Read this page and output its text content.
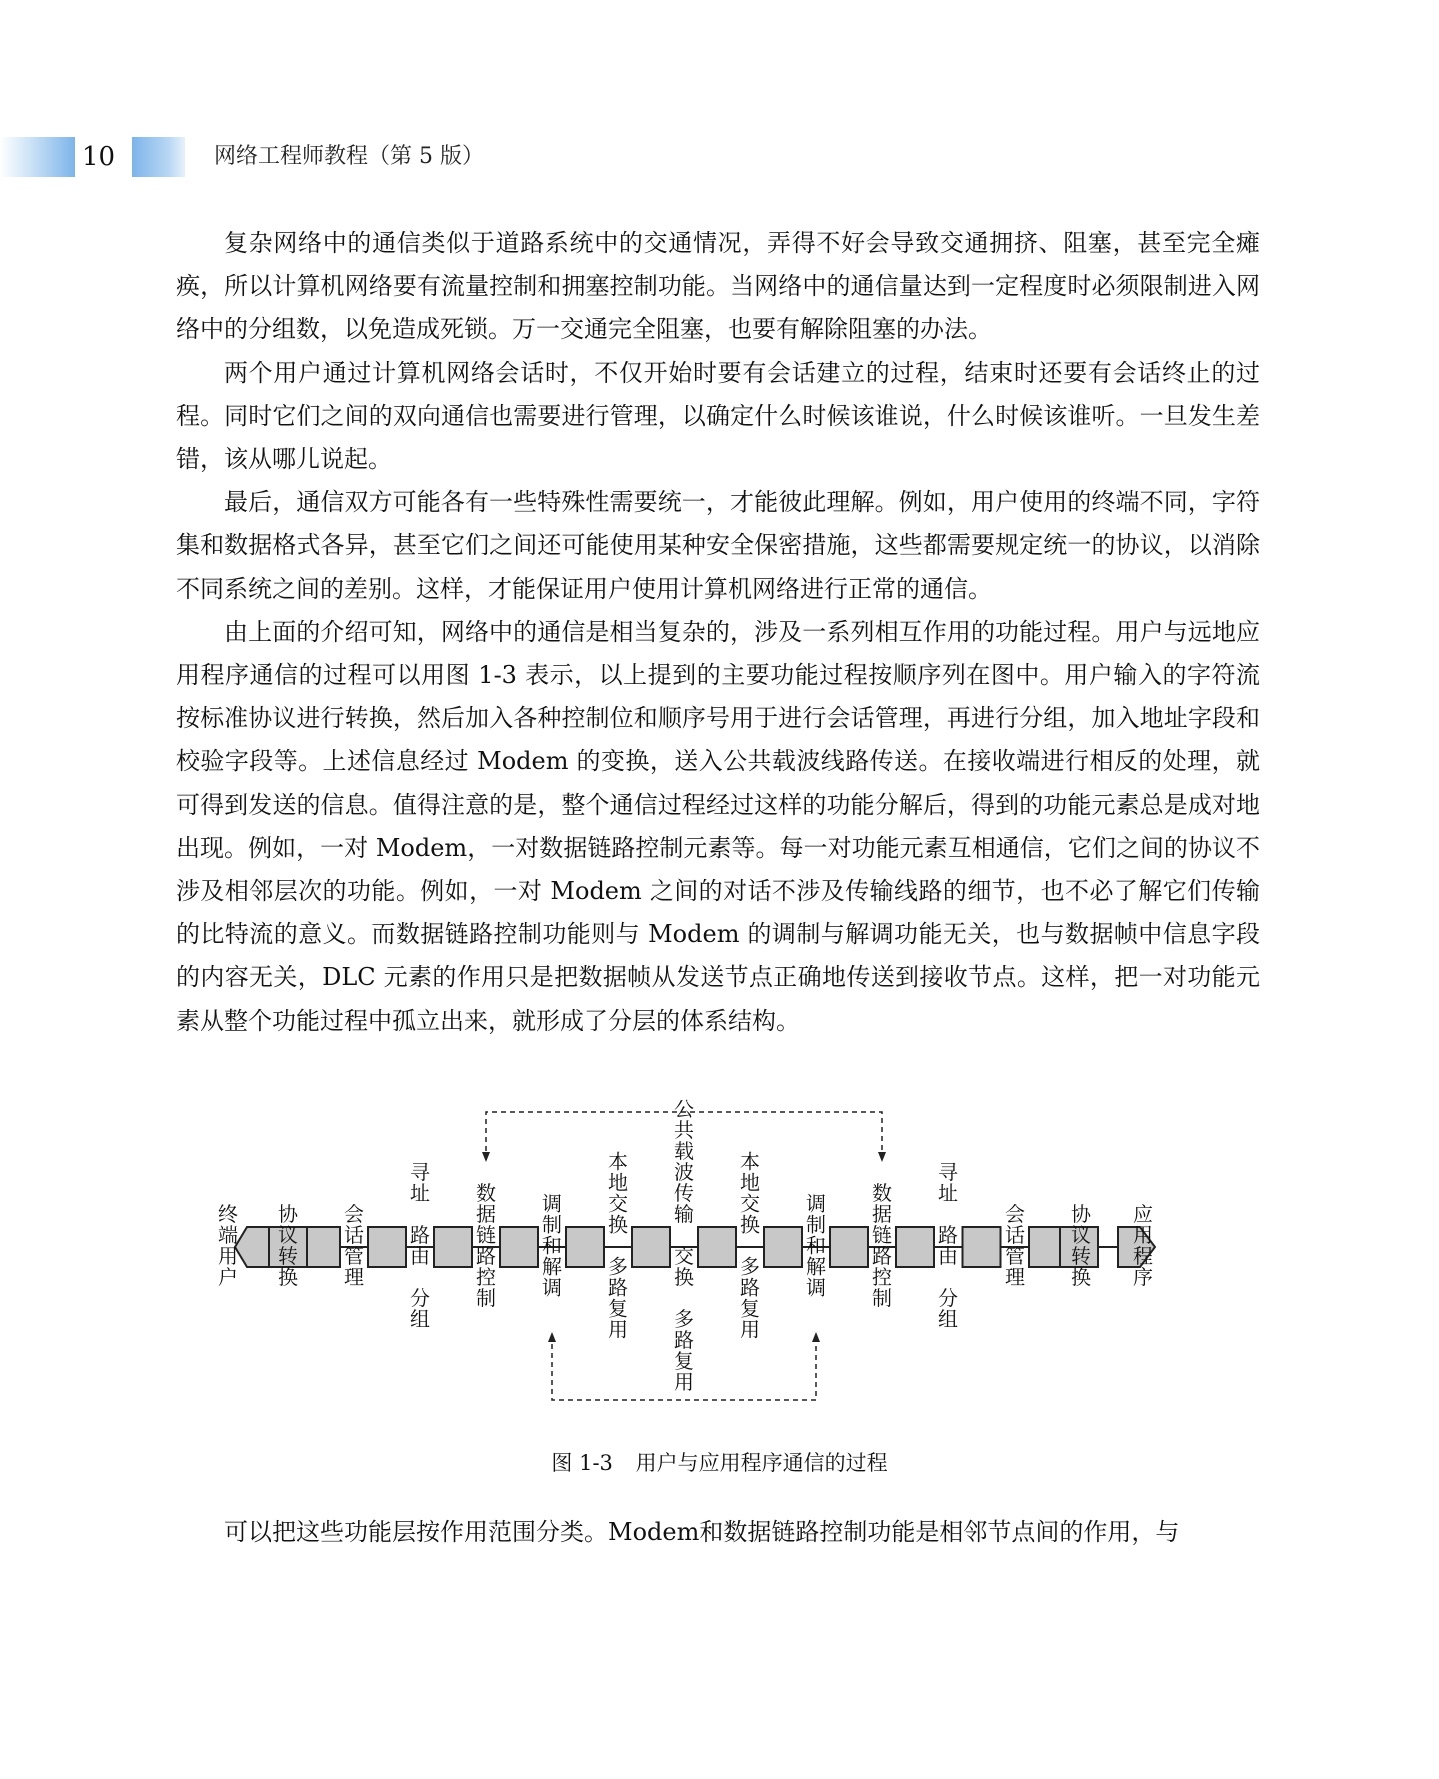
10	网络工程师教程（第 5 版）

复杂网络中的通信类似于道路系统中的交通情况，弄得不好会导致交通拥挤、阻塞，甚至完全瘫痪，所以计算机网络要有流量控制和拥塞控制功能。当网络中的通信量达到一定程度时必须限制进入网络中的分组数，以免造成死锁。万一交通完全阻塞，也要有解除阻塞的办法。

两个用户通过计算机网络会话时，不仅开始时要有会话建立的过程，结束时还要有会话终止的过程。同时它们之间的双向通信也需要进行管理，以确定什么时候该谁说，什么时候该谁听。一旦发生差错，该从哪儿说起。

最后，通信双方可能各有一些特殊性需要统一，才能彼此理解。例如，用户使用的终端不同，字符集和数据格式各异，甚至它们之间还可能使用某种安全保密措施，这些都需要规定统一的协议，以消除不同系统之间的差别。这样，才能保证用户使用计算机网络进行正常的通信。

由上面的介绍可知，网络中的通信是相当复杂的，涉及一系列相互作用的功能过程。用户与远地应用程序通信的过程可以用图 1-3 表示，以上提到的主要功能过程按顺序列在图中。用户输入的字符流按标准协议进行转换，然后加入各种控制位和顺序号用于进行会话管理，再进行分组，加入地址字段和校验字段等。上述信息经过 Modem 的变换，送入公共载波线路传送。在接收端进行相反的处理，就可得到发送的信息。值得注意的是，整个通信过程经过这样的功能分解后，得到的功能元素总是成对地出现。例如，一对 Modem，一对数据链路控制元素等。每一对功能元素互相通信，它们之间的协议不涉及相邻层次的功能。例如，一对 Modem 之间的对话不涉及传输线路的细节，也不必了解它们传输的比特流的意义。而数据链路控制功能则与 Modem 的调制与解调功能无关，也与数据帧中信息字段的内容无关，DLC 元素的作用只是把数据帧从发送节点正确地传送到接收节点。这样，把一对功能元素从整个功能过程中孤立出来，就形成了分层的体系结构。

终端用户
协议转换
会话管理
寻址路由分组
数据链路控制
调制和解调
本地交换多路复用
公共载波传输交换多路复用
本地交换多路复用
调制和解调
数据链路控制
寻址路由分组
会话管理
协议转换
应用程序
图 1-3 用户与应用程序通信的过程

可以把这些功能层按作用范围分类。Modem和数据链路控制功能是相邻节点间的作用，与
